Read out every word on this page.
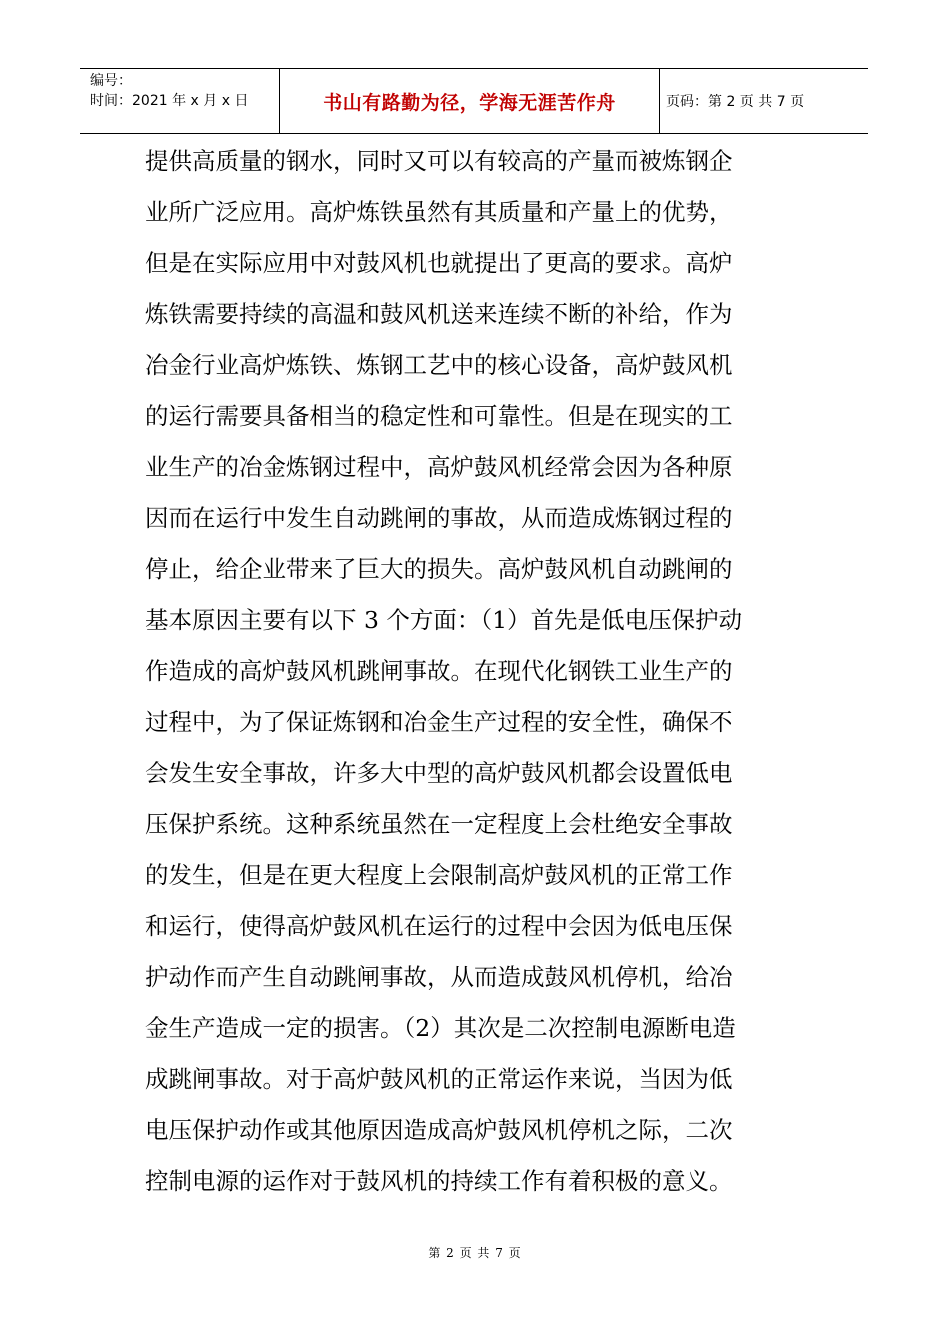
编号：
时间：2021 年 x 月 x 日	书山有路勤为径，学海无涯苦作舟	页码：第 2 页 共 7 页
提供高质量的钢水，同时又可以有较高的产量而被炼钢企
业所广泛应用。高炉炼铁虽然有其质量和产量上的优势，
但是在实际应用中对鼓风机也就提出了更高的要求。高炉
炼铁需要持续的高温和鼓风机送来连续不断的补给，作为
冶金行业高炉炼铁、炼钢工艺中的核心设备，高炉鼓风机
的运行需要具备相当的稳定性和可靠性。但是在现实的工
业生产的冶金炼钢过程中，高炉鼓风机经常会因为各种原
因而在运行中发生自动跳闸的事故，从而造成炼钢过程的
停止，给企业带来了巨大的损失。高炉鼓风机自动跳闸的
基本原因主要有以下 3 个方面：（1）首先是低电压保护动
作造成的高炉鼓风机跳闸事故。在现代化钢铁工业生产的
过程中，为了保证炼钢和冶金生产过程的安全性，确保不
会发生安全事故，许多大中型的高炉鼓风机都会设置低电
压保护系统。这种系统虽然在一定程度上会杜绝安全事故
的发生，但是在更大程度上会限制高炉鼓风机的正常工作
和运行，使得高炉鼓风机在运行的过程中会因为低电压保
护动作而产生自动跳闸事故，从而造成鼓风机停机，给冶
金生产造成一定的损害。（2）其次是二次控制电源断电造
成跳闸事故。对于高炉鼓风机的正常运作来说，当因为低
电压保护动作或其他原因造成高炉鼓风机停机之际，二次
控制电源的运作对于鼓风机的持续工作有着积极的意义。
第 2 页 共 7 页
